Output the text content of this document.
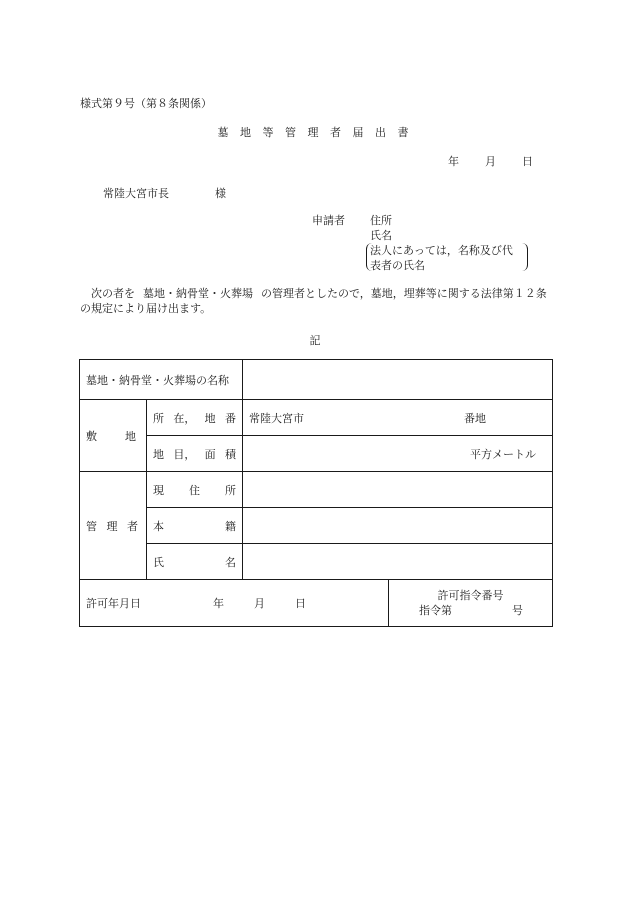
様式第９号（第８条関係）
墓 地 等 管 理 者 届 出 書
年 月 日
常陸大宮市長	様
申請者 住所
氏名
法人にあっては，名称及び代
表者の氏名
次の者を 墓地・納骨堂・火葬場 の管理者としたので，墓地，埋葬等に関する法律第１２条の規定により届け出ます。
記
墓地・納骨堂・火葬場の名称			

敷 地	所 在， 地 番	常陸大宮市 番地	

	地 目， 面 積	平方メートル	

管 理 者	現 住 所		

	本 籍		

	氏 名		

許可年月日 年 月 日			許可指令番号
指令第 号
